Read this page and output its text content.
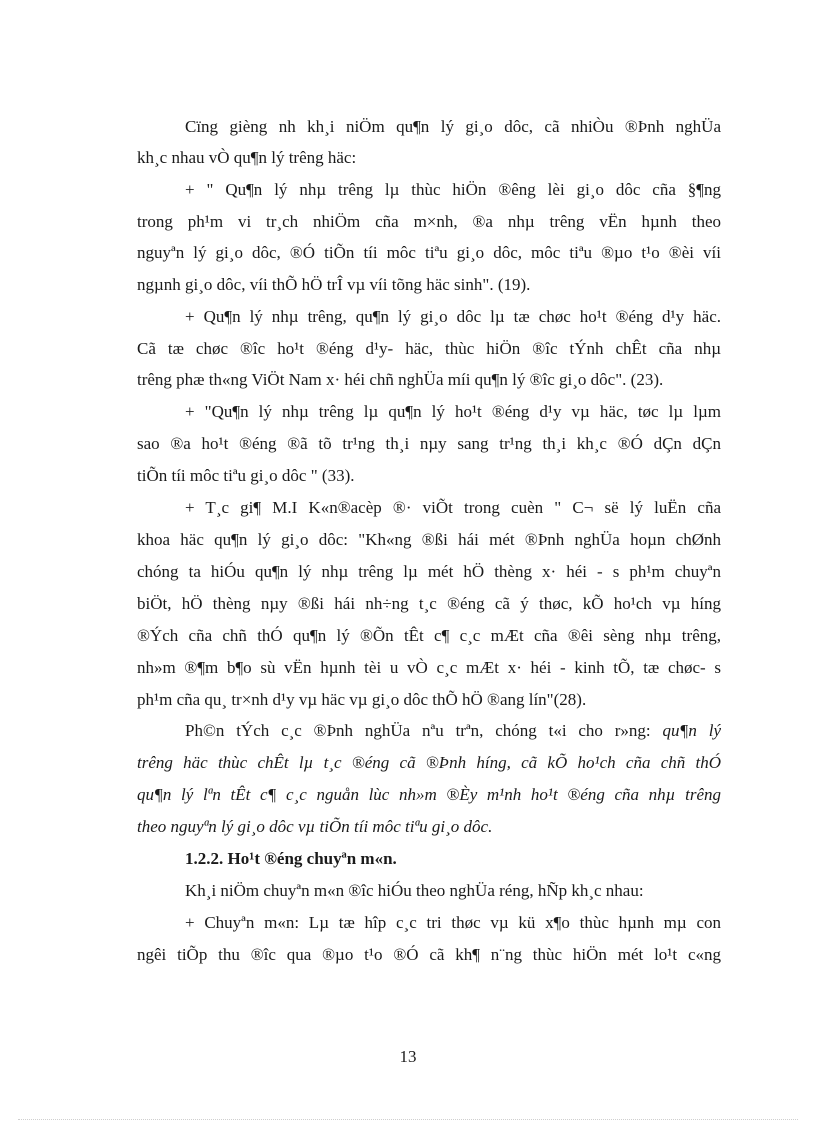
Cïng gièng nh kh¸i niÖm qu¶n lý gi¸o dôc, cã nhiÒu ®Þnh nghÜa
kh¸c nhau vÒ qu¶n lý trêng häc:
+ " Qu¶n lý nhµ trêng lµ thùc hiÖn ®êng lèi gi¸o dôc cña §¶ng
trong ph¹m vi tr¸ch nhiÖm cña m×nh, ®a nhµ trêng vËn hµnh theo
nguyªn lý gi¸o dôc, ®Ó tiÕn tíi môc tiªu gi¸o dôc, môc tiªu ®µo t¹o ®èi víi
ngµnh gi¸o dôc, víi thÕ hÖ trÎ vµ víi tõng häc sinh". (19).
+ Qu¶n lý nhµ trêng, qu¶n lý gi¸o dôc lµ tæ chøc ho¹t ®éng d¹y häc.
Cã tæ chøc ®îc ho¹t ®éng d¹y- häc, thùc hiÖn ®îc tÝnh chÊt cña nhµ
trêng phæ th«ng ViÖt Nam x· héi chñ nghÜa míi qu¶n lý ®îc gi¸o dôc". (23).
+ "Qu¶n lý nhµ trêng lµ qu¶n lý ho¹t ®éng d¹y vµ häc, tøc lµ lµm
sao ®a ho¹t ®éng ®ã tõ tr¹ng th¸i nµy sang tr¹ng th¸i kh¸c ®Ó dÇn dÇn
tiÕn tíi môc tiªu gi¸o dôc " (33).
+ T¸c gi¶ M.I K«n®acèp ®· viÕt trong cuèn " C¬ së lý luËn cña
khoa häc qu¶n lý gi¸o dôc: "Kh«ng ®ßi hái mét ®Þnh nghÜa hoµn chØnh
chóng ta hiÓu qu¶n lý nhµ trêng lµ mét hÖ thèng x· héi - s ph¹m chuyªn
biÖt, hÖ thèng nµy ®ßi hái nh÷ng t¸c ®éng cã ý thøc, kÕ ho¹ch vµ híng
®Ých cña chñ thÓ qu¶n lý ®Õn tÊt c¶ c¸c mÆt cña ®êi sèng nhµ trêng,
nh»m ®¶m b¶o sù vËn hµnh tèi u vÒ c¸c mÆt x· héi - kinh tÕ, tæ chøc- s
ph¹m cña qu¸ tr×nh d¹y vµ häc vµ gi¸o dôc thÕ hÖ ®ang lín"(28).
Ph©n tÝch c¸c ®Þnh nghÜa nªu trªn, chóng t«i cho r»ng: qu¶n lý
trêng häc thùc chÊt lµ t¸c ®éng cã ®Þnh híng, cã kÕ ho¹ch cña chñ thÓ
qu¶n lý lªn tÊt c¶ c¸c nguån lùc nh»m ®Èy m¹nh ho¹t ®éng cña nhµ trêng
theo nguyªn lý gi¸o dôc vµ tiÕn tíi môc tiªu gi¸o dôc.
1.2.2. Ho¹t ®éng chuyªn m«n.
Kh¸i niÖm chuyªn m«n ®îc hiÓu theo nghÜa réng, hÑp kh¸c nhau:
+ Chuyªn m«n: Lµ tæ hîp c¸c tri thøc vµ kü x¶o thùc hµnh mµ con
ngêi tiÕp thu ®îc qua ®µo t¹o ®Ó cã kh¶ n¨ng thùc hiÖn mét lo¹t c«ng
13
